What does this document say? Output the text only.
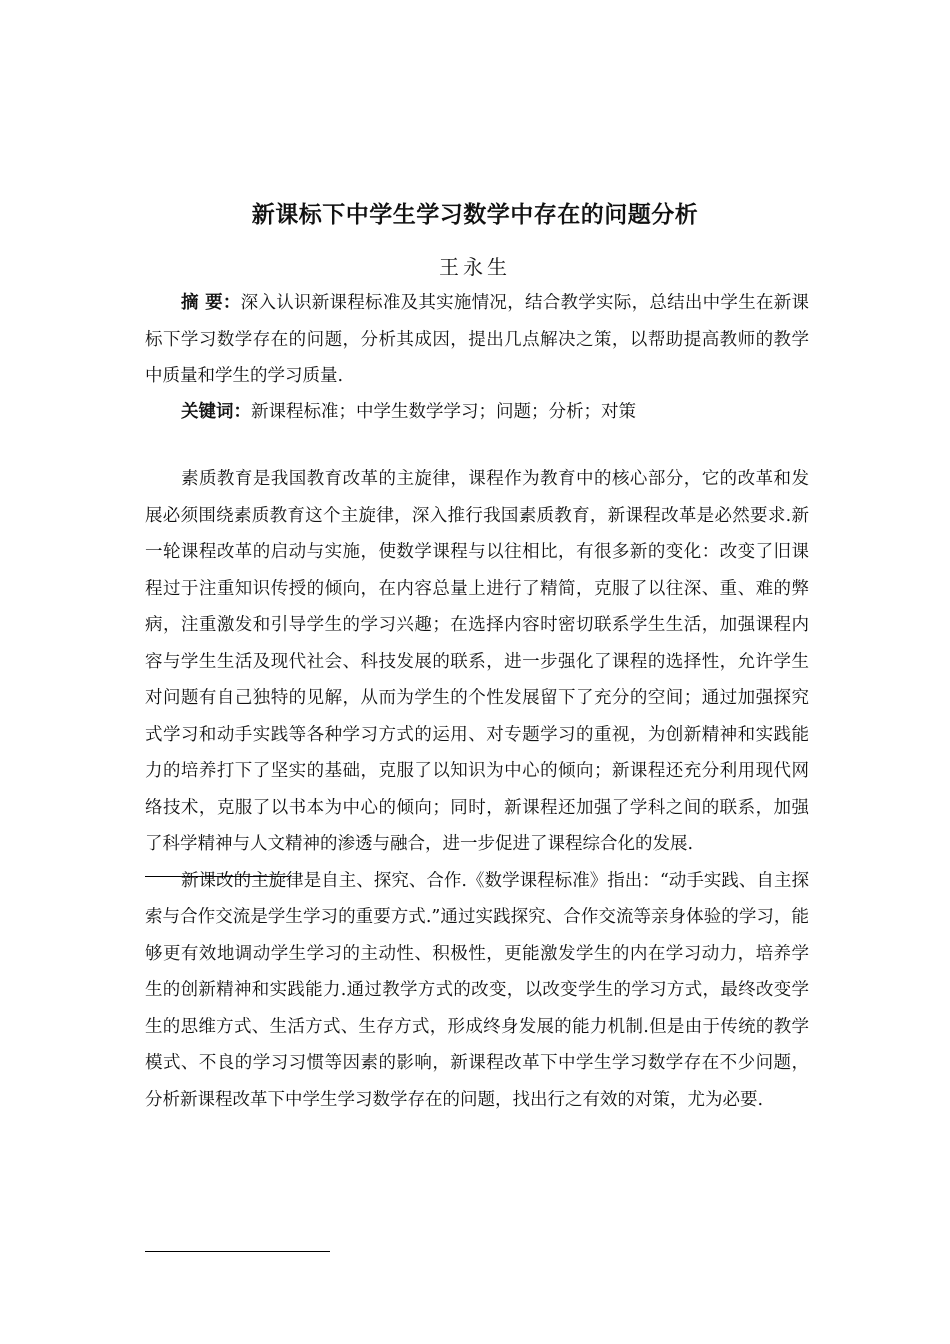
新课标下中学生学习数学中存在的问题分析
王永生

摘 要：深入认识新课程标准及其实施情况，结合教学实际，总结出中学生在新课标下学习数学存在的问题，分析其成因，提出几点解决之策，以帮助提高教师的教学中质量和学生的学习质量.

关键词：新课程标准；中学生数学学习；问题；分析；对策

素质教育是我国教育改革的主旋律，课程作为教育中的核心部分，它的改革和发展必须围绕素质教育这个主旋律，深入推行我国素质教育，新课程改革是必然要求.新一轮课程改革的启动与实施，使数学课程与以往相比，有很多新的变化：改变了旧课程过于注重知识传授的倾向，在内容总量上进行了精简，克服了以往深、重、难的弊病，注重激发和引导学生的学习兴趣；在选择内容时密切联系学生生活，加强课程内容与学生生活及现代社会、科技发展的联系，进一步强化了课程的选择性，允许学生对问题有自己独特的见解，从而为学生的个性发展留下了充分的空间；通过加强探究式学习和动手实践等各种学习方式的运用、对专题学习的重视，为创新精神和实践能力的培养打下了坚实的基础，克服了以知识为中心的倾向；新课程还充分利用现代网络技术，克服了以书本为中心的倾向；同时，新课程还加强了学科之间的联系，加强了科学精神与人文精神的渗透与融合，进一步促进了课程综合化的发展.

新课改的主旋律是自主、探究、合作.《数学课程标准》指出：“动手实践、自主探索与合作交流是学生学习的重要方式.”通过实践探究、合作交流等亲身体验的学习，能够更有效地调动学生学习的主动性、积极性，更能激发学生的内在学习动力，培养学生的创新精神和实践能力.通过教学方式的改变，以改变学生的学习方式，最终改变学生的思维方式、生活方式、生存方式，形成终身发展的能力机制.但是由于传统的教学模式、不良的学习习惯等因素的影响，新课程改革下中学生学习数学存在不少问题，分析新课程改革下中学生学习数学存在的问题，找出行之有效的对策，尤为必要.
